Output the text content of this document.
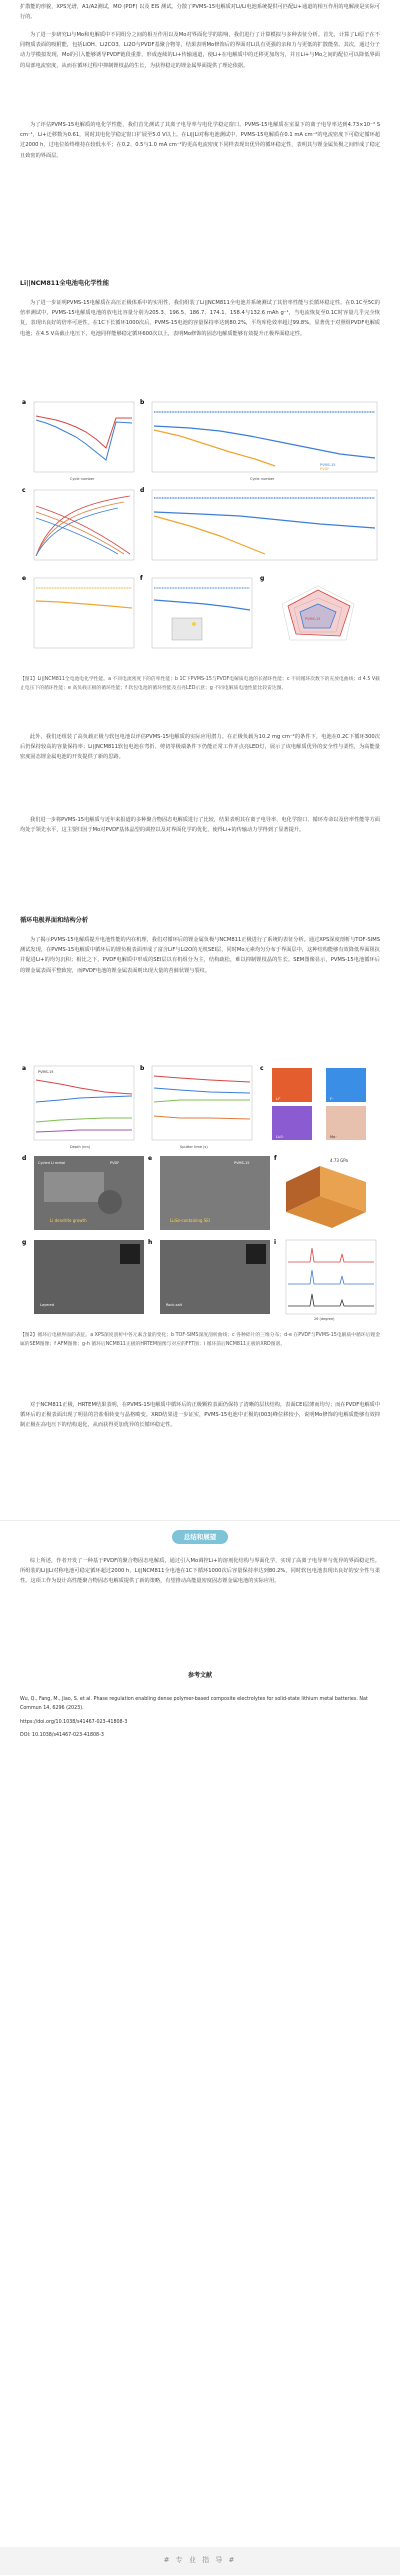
扩散能的形貌，XPS光谱，A1/A2测试，MO (PDF) 以及 EIS 测试。分散了PVMS-15电解质对Li/Li电池系统提供可匹配Li+通道的相互作用的电解液是实际可行的。

为了进一步研究Li与Mo和电解质中不同组分之间的相互作用以及Mo对界面化学的影响，我们进行了计算模拟与多种表征分析。首先，计算了Li原子在不同物质表面的吸附能，包括LiOH、Li2CO3、Li2O与PVDF基聚合物等，结果表明Mo修饰后的界面对Li具有更强的亲和力与更低的扩散能垒。其次，通过分子动力学模拟发现，Mo的引入能够诱导PVDF链段重排，形成连续的Li+传输通道，使Li+在电解质中的迁移更加均匀，并且Li+与Mo之间的配位可以降低界面的局部电流密度，从而在循环过程中抑制锂枝晶的生长，为获得稳定的锂金属界面提供了理论依据。

为了评估PVMS-15电解质的电化学性能，我们首先测试了其离子电导率与电化学稳定窗口。PVMS-15电解质在室温下的离子电导率达到4.73×10⁻⁴ S cm⁻¹，Li+迁移数为0.61，同时其电化学稳定窗口扩展至5.0 V以上。在Li||Li对称电池测试中，PVMS-15电解质在0.1 mA cm⁻²的电流密度下可稳定循环超过2000 h，过电位始终维持在较低水平；在0.2、0.5与1.0 mA cm⁻²的更高电流密度下同样表现出优异的循环稳定性，表明其与锂金属负极之间形成了稳定且致密的界面层。

Li||NCM811全电池电化学性能

为了进一步证明PVMS-15电解质在高压正极体系中的实用性，我们组装了Li||NCM811全电池并系统测试了其倍率性能与长循环稳定性。在0.1C至5C的倍率测试中，PVMS-15电解质电池的放电比容量分别为205.3、196.5、186.7、174.1、158.4与132.6 mAh g⁻¹，当电流恢复至0.1C时容量几乎完全恢复，表现出良好的倍率可逆性。在1C下长循环1000次后，PVMS-15电池的容量保持率达到80.2%，平均库伦效率超过99.8%，显著优于对照组PVDF电解质电池；在4.5 V高截止电压下，电池同样能够稳定循环600次以上，表明Mo修饰的固态电解质能够有效提升正极界面稳定性。

a
Cycle number
b
PVMS-15
PVDF
Cycle number
c	d
e	f	g
PVMS-15

【图1】Li||NCM811全电池电化学性能。a 不同电流密度下的倍率性能；b 1C下PVMS-15与PVDF电解质电池的长循环性能；c 不同循环次数下的充放电曲线；d 4.5 V截止电压下的循环性能；e 高负载正极的循环性能；f 软包电池的循环性能及点亮LED示意；g 不同电解质电池性能比较雷达图。

此外，我们还组装了高负载正极与软包电池以评估PVMS-15电解质的实际应用潜力。在正极负载为10.2 mg cm⁻²的条件下，电池在0.2C下循环300次后仍保持较高的容量保持率；Li||NCM811软包电池在弯折、剪切等极端条件下仍能正常工作并点亮LED灯，展示了该电解质优异的安全性与柔性，为高能量密度固态锂金属电池的开发提供了新的思路。

我们进一步将PVMS-15电解质与近年来报道的多种聚合物固态电解质进行了比较，结果表明其在离子电导率、电化学窗口、循环寿命以及倍率性能等方面均处于领先水平，这主要归因于Mo对PVDF基体晶型的调控以及对界面化学的优化，使得Li+的传输动力学得到了显著提升。

循环电极界面和结构分析

为了揭示PVMS-15电解质提升电池性能的内在机理，我们对循环后的锂金属负极与NCM811正极进行了系统的表征分析。通过XPS深度剖析与TOF-SIMS测试发现，在PVMS-15电解质中循环后的锂负极表面形成了富含LiF与Li2O的无机SEI层，同时Mo元素均匀分布于界面层中，这种结构能够有效降低界面阻抗并促进Li+的均匀沉积；相比之下，PVDF电解质中形成的SEI层以有机组分为主，结构疏松，难以抑制锂枝晶的生长。SEM图像显示，PVMS-15电池循环后的锂金属表面平整致密，而PVDF电池的锂金属表面则出现大量的苔藓状锂与裂纹。

a	PVMS-15
Depth (nm)
b
Sputter time (s)
c
Li⁺	F⁻
Li₂S⁻	Mo⁻
d
Cycled Li metal	PVDF
Li dendrite growth
e
PVMS-15
Li₂Se-containing SEI
f	4.73 GPa
g
Layered
h
Rock-salt
i
2θ (degree)

【图2】循环后电极界面的表征。a XPS深度剖析中各元素含量的变化；b TOF-SIMS深度剖析曲线；c 各种碎片的三维分布；d-e 在PVDF与PVMS-15电解质中循环后锂金属的SEM图像；f AFM图像；g-h 循环后NCM811正极的HRTEM图像与对应的FFT图；i 循环前后NCM811正极的XRD图谱。

对于NCM811正极，HRTEM结果表明，在PVMS-15电解质中循环后的正极颗粒表面仍保持了清晰的层状结构，表面CEI层薄而均匀；而在PVDF电解质中循环后的正极表面出现了明显的岩盐相转变与晶格畸变。XRD结果进一步证实，PVMS-15电池中正极的(003)峰位移较小，说明Mo修饰的电解质能够有效抑制正极在高电压下的结构退化，从而获得更加优异的长循环稳定性。

总结和展望

综上所述，作者开发了一种基于PVDF的聚合物固态电解质，通过引入Mo调控Li+的溶剂化结构与界面化学，实现了高离子电导率与优异的界面稳定性。所组装的Li||Li对称电池可稳定循环超过2000 h，Li||NCM811全电池在1C下循环1000次后容量保持率达到80.2%，同时软包电池表现出良好的安全性与柔性。这项工作为设计高性能聚合物固态电解质提供了新的策略，有望推动高能量密度固态锂金属电池的实际应用。

参考文献

Wu, Q., Fang, M., Jiao, S. et al. Phase regulation enabling dense polymer-based composite electrolytes for solid-state lithium metal batteries. Nat Commun 14, 6296 (2023).

https://doi.org/10.1038/s41467-023-41808-3

DOI: 10.1038/s41467-023-41808-3

# 专 业 指 导 #
